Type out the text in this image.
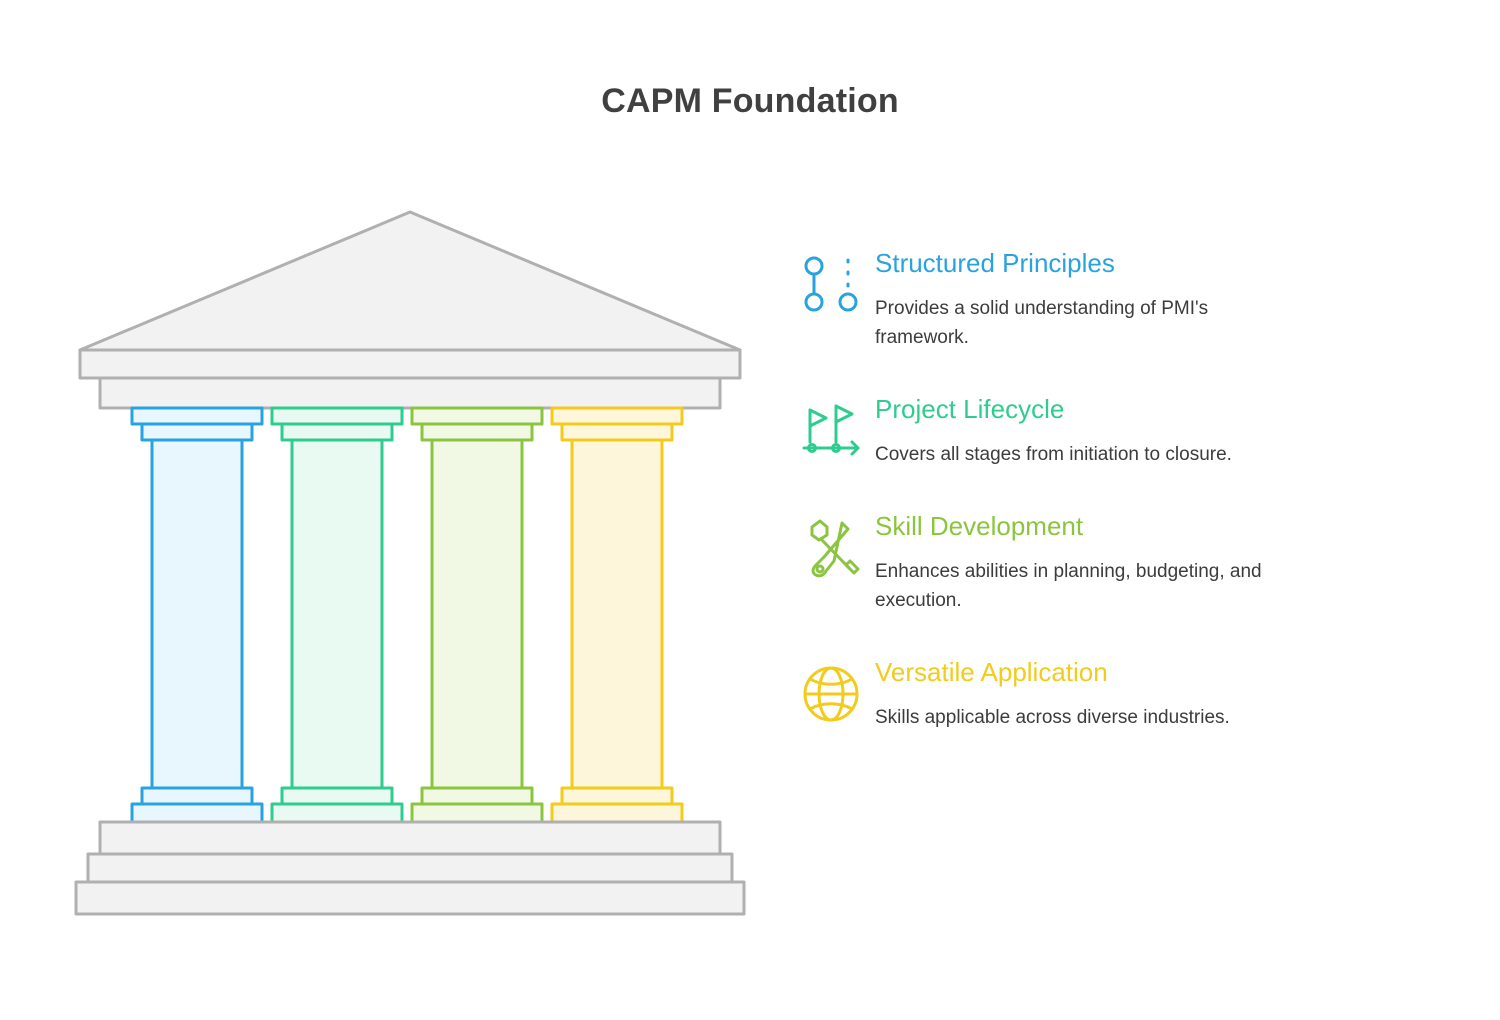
CAPM Foundation
Structured Principles
Provides a solid understanding of PMI's framework.
Project Lifecycle
Covers all stages from initiation to closure.
Skill Development
Enhances abilities in planning, budgeting, and execution.
Versatile Application
Skills applicable across diverse industries.
